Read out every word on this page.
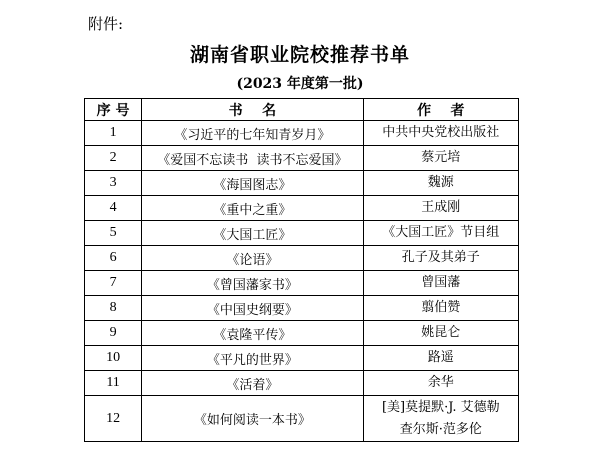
附件:
湖南省职业院校推荐书单
(2023 年度第一批)
序 号	书    名	作    者
1	《习近平的七年知青岁月》	中共中央党校出版社

2	《爱国不忘读书  读书不忘爱国》	蔡元培

3	《海国图志》	魏源

4	《重中之重》	王成刚

5	《大国工匠》	《大国工匠》节目组

6	《论语》	孔子及其弟子

7	《曾国藩家书》	曾国藩

8	《中国史纲要》	翦伯赞

9	《袁隆平传》	姚昆仑

10	《平凡的世界》	路遥

11	《活着》	余华

12	《如何阅读一本书》	[美]莫提默·J. 艾德勒
查尔斯·范多伦
